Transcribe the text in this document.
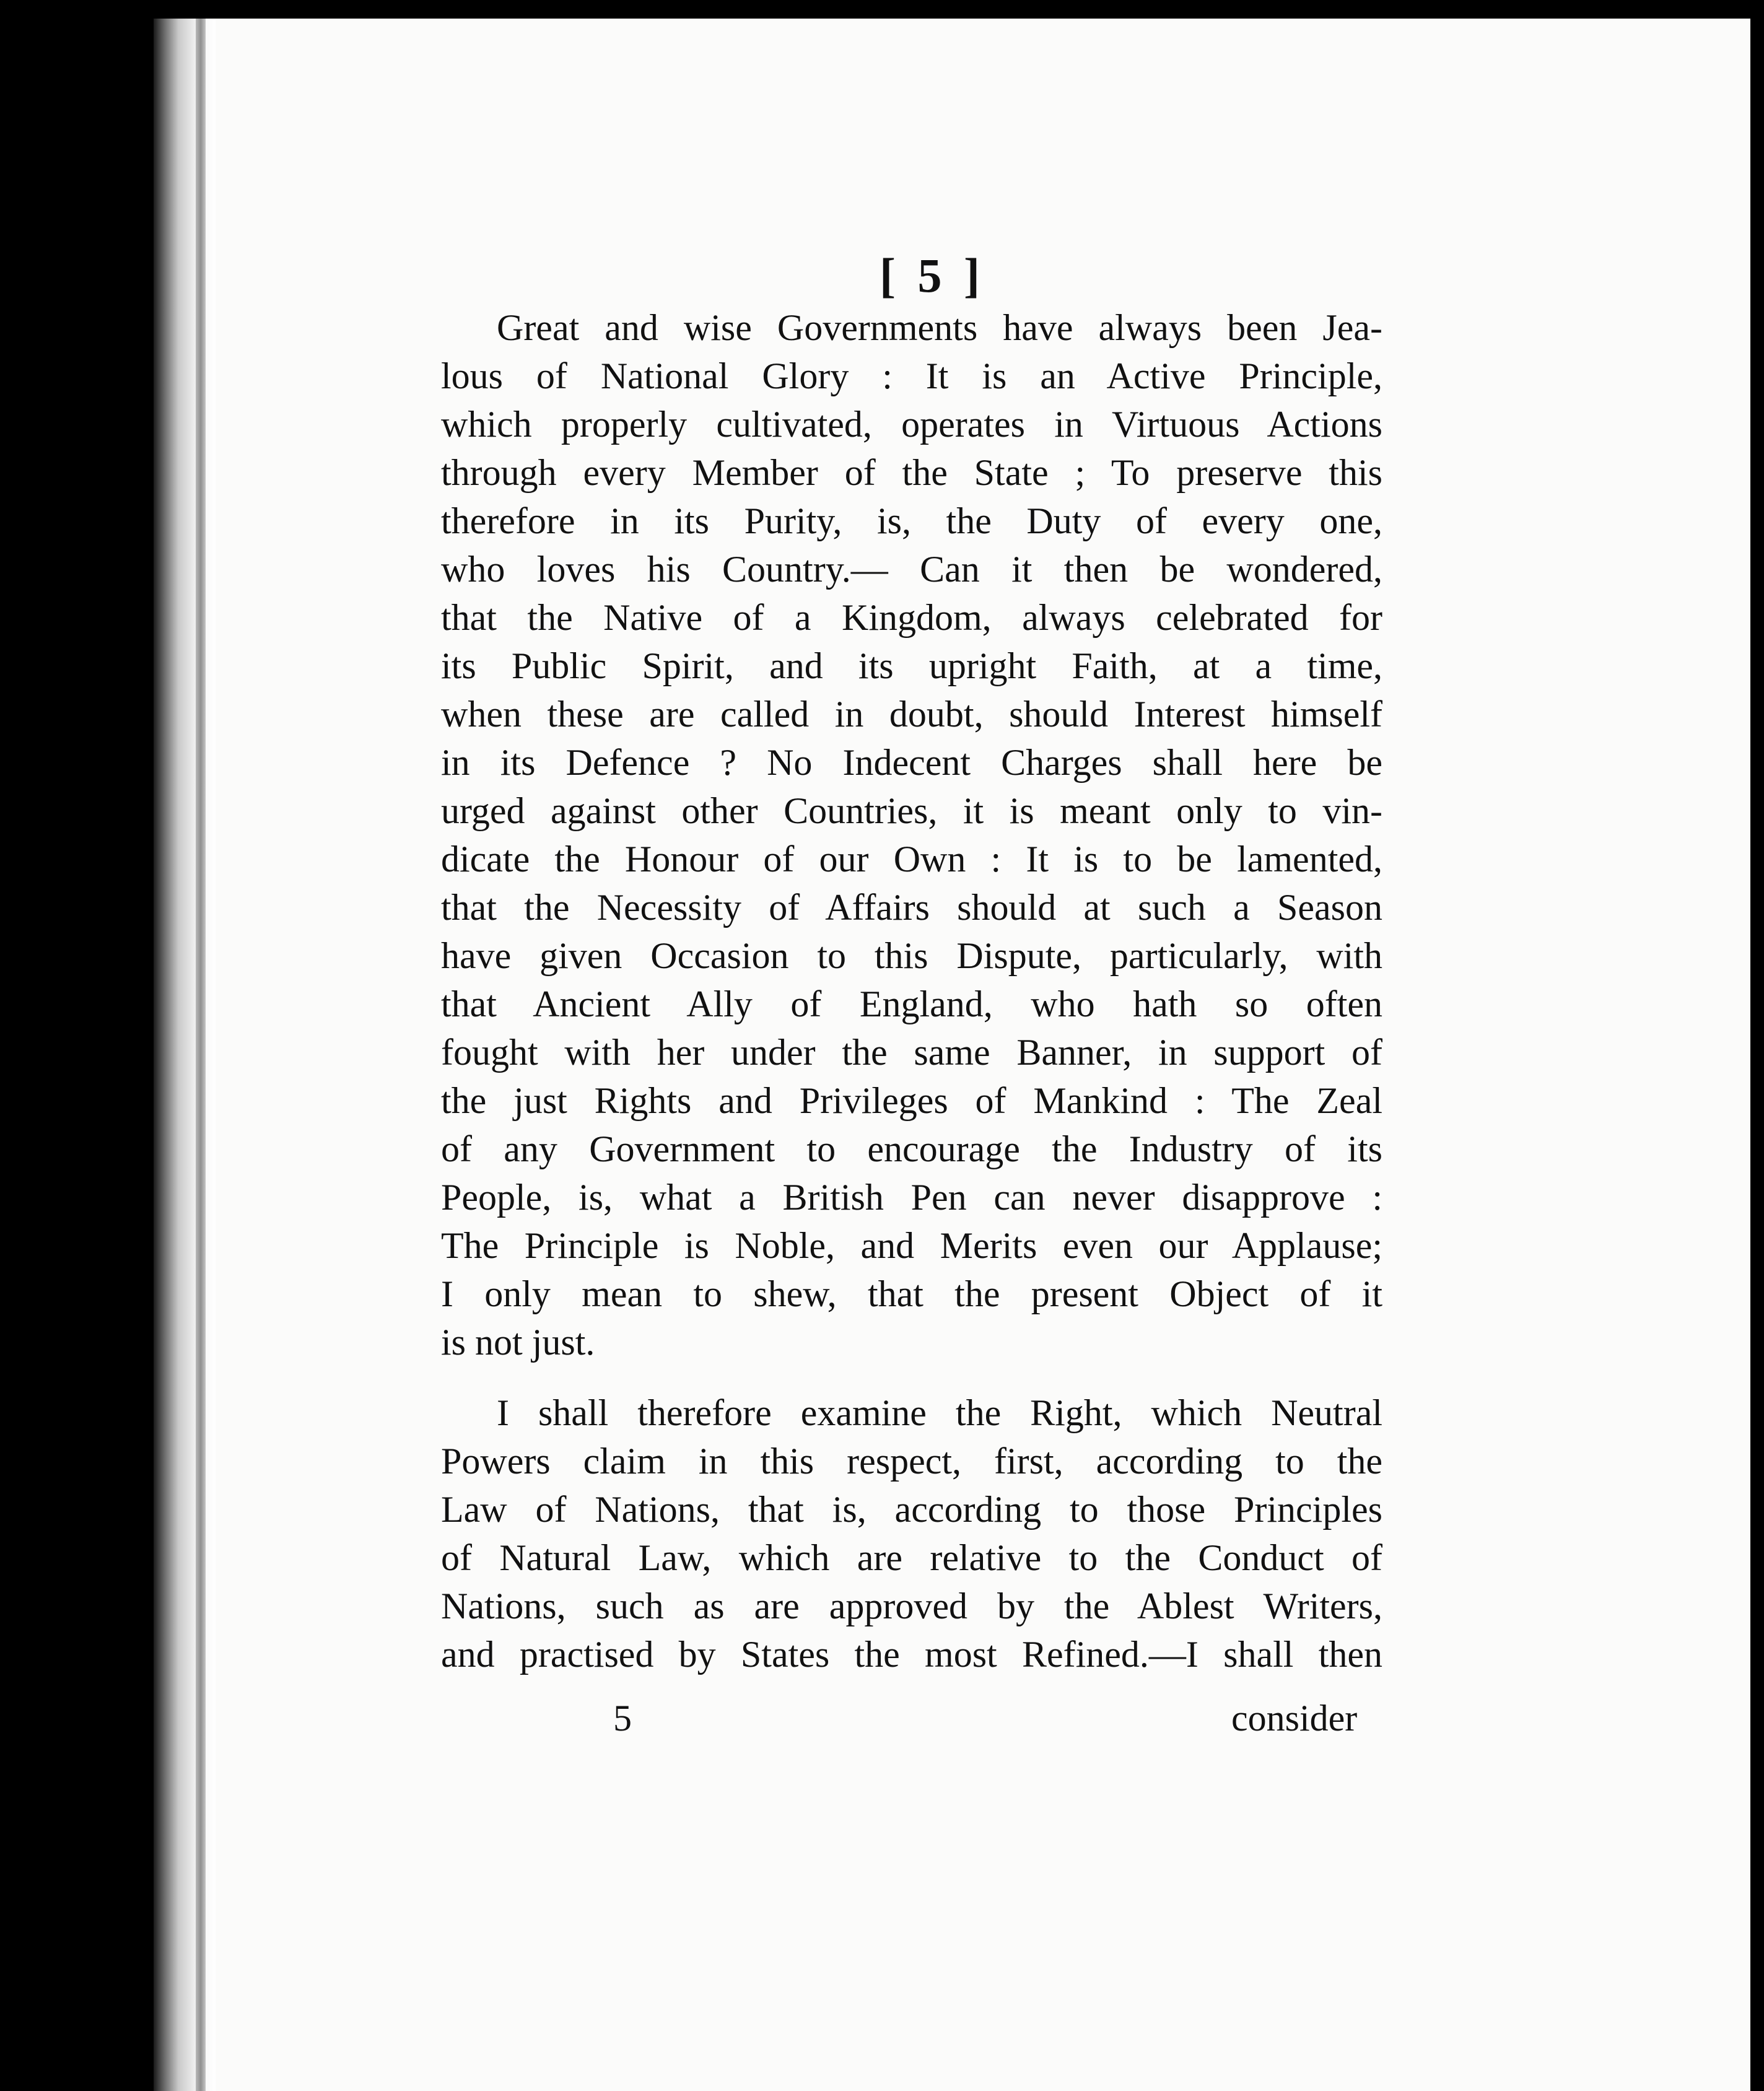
[ 5 ]
Great and wise Governments have always been Jea-
lous of National Glory : It is an Active Principle,
which properly cultivated, operates in Virtuous Actions
through every Member of the State ; To preserve this
therefore in its Purity, is, the Duty of every one,
who loves his Country.— Can it then be wondered,
that the Native of a Kingdom, always celebrated for
its Public Spirit, and its upright Faith, at a time,
when these are called in doubt, should Interest himself
in its Defence ? No Indecent Charges shall here be
urged against other Countries, it is meant only to vin-
dicate the Honour of our Own : It is to be lamented,
that the Necessity of Affairs should at such a Season
have given Occasion to this Dispute, particularly, with
that Ancient Ally of England, who hath so often
fought with her under the same Banner, in support of
the just Rights and Privileges of Mankind : The Zeal
of any Government to encourage the Industry of its
People, is, what a British Pen can never disapprove :
The Principle is Noble, and Merits even our Applause;
I only mean to shew, that the present Object of it
is not just.
I shall therefore examine the Right, which Neutral
Powers claim in this respect, first, according to the
Law of Nations, that is, according to those Principles
of Natural Law, which are relative to the Conduct of
Nations, such as are approved by the Ablest Writers,
and practised by States the most Refined.—I shall then
5	consider
